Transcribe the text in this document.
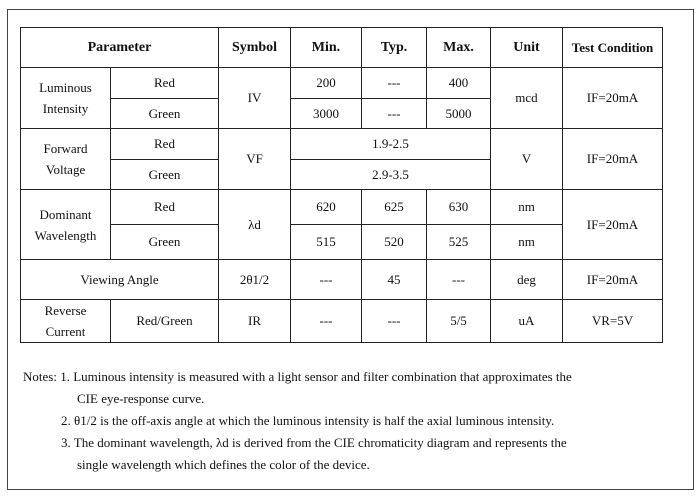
Parameter		Symbol	Min.	Typ.	Max.	Unit	Test Condition

Luminous
Intensity	Red	IV	200	---	400	mcd	IF=20mA
	Green		3000	---	5000		

Forward
Voltage	Red	VF	1.9-2.5			V	IF=20mA
	Green		2.9-3.5				

Dominant
Wavelength	Red	λd	620	625	630	nm	IF=20mA
	Green		515	520	525	nm	
Viewing Angle		2θ1/2	---	45	---	deg	IF=20mA

Reverse
Current	Red/Green	IR	---	---	5/5	uA	VR=5V
Notes: 1. Luminous intensity is measured with a light sensor and filter combination that approximates the
CIE eye-response curve.
2. θ1/2 is the off-axis angle at which the luminous intensity is half the axial luminous intensity.
3. The dominant wavelength, λd is derived from the CIE chromaticity diagram and represents the
single wavelength which defines the color of the device.
